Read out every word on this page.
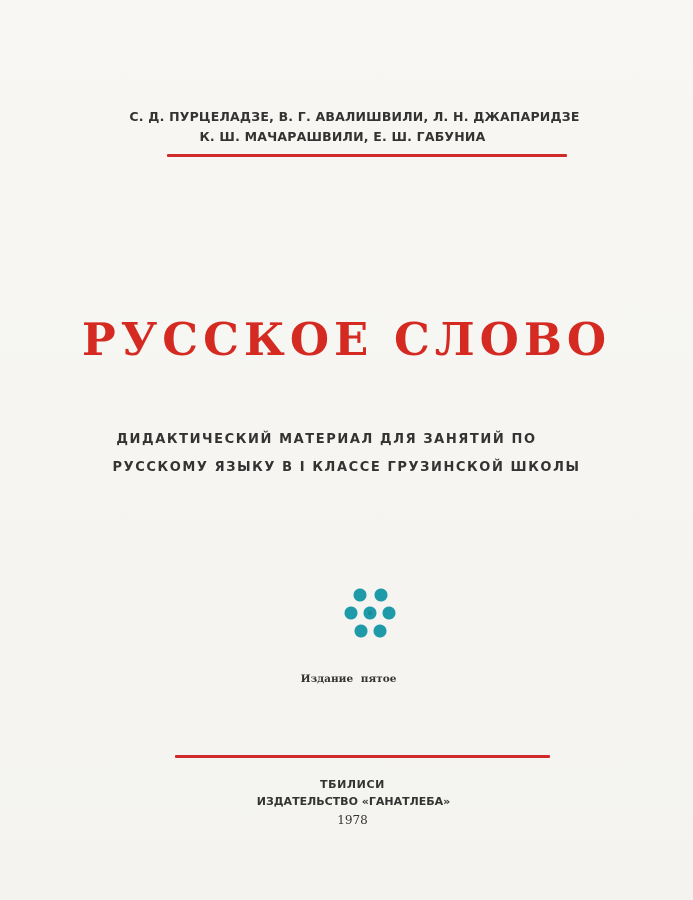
С. Д. ПУРЦЕЛАДЗЕ, В. Г. АВАЛИШВИЛИ, Л. Н. ДЖАПАРИДЗЕ
К. Ш. МАЧАРАШВИЛИ, Е. Ш. ГАБУНИА
РУССКОЕ СЛОВО
ДИДАКТИЧЕСКИЙ МАТЕРИАЛ ДЛЯ ЗАНЯТИЙ ПО
РУССКОМУ ЯЗЫКУ В I КЛАССЕ ГРУЗИНСКОЙ ШКОЛЫ
Издание пятое
ТБИЛИСИ
ИЗДАТЕЛЬСТВО «ГАНАТЛЕБА»
1978
